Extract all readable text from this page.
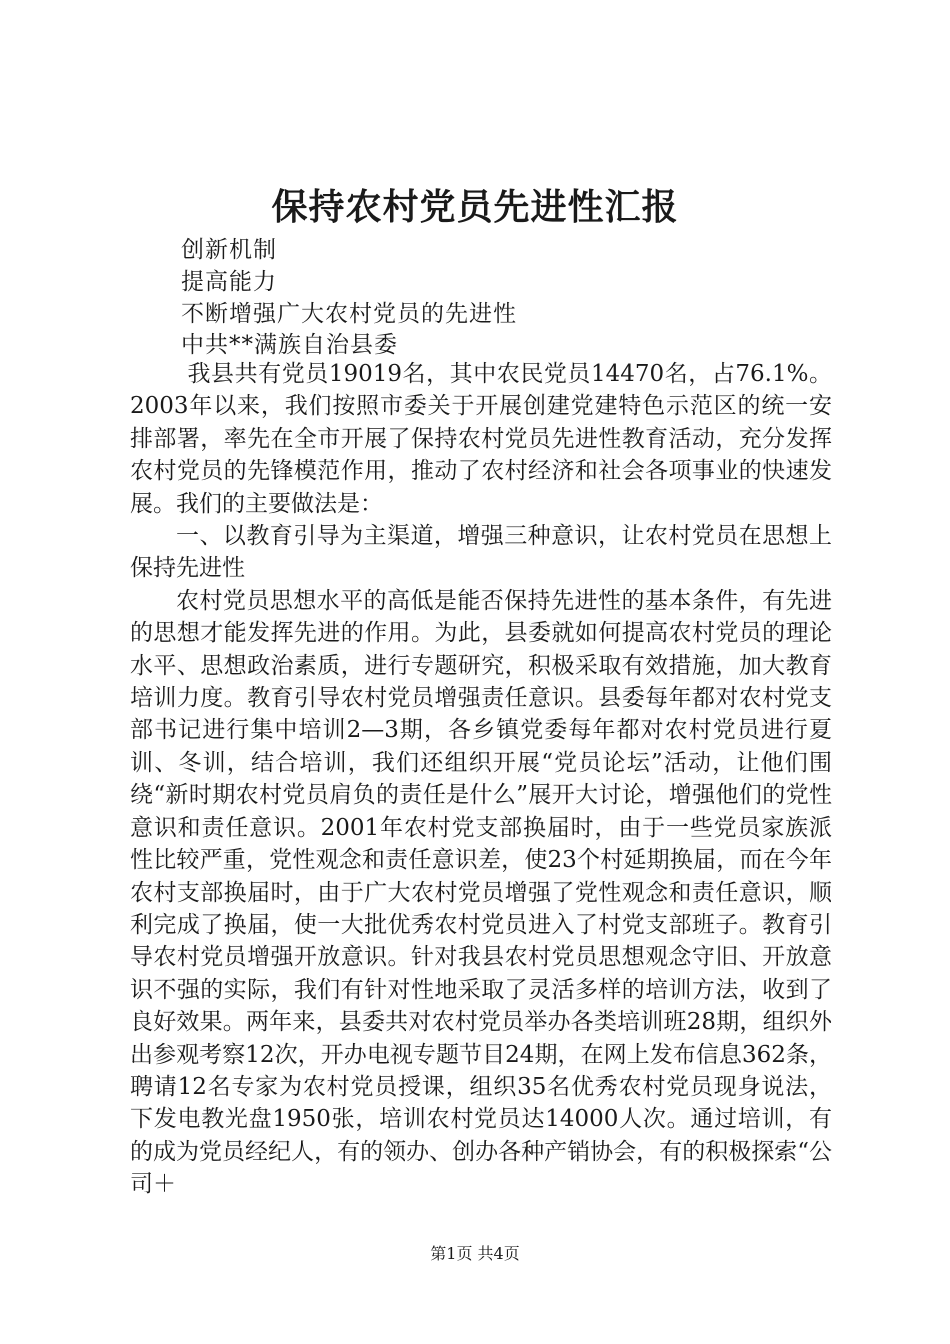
保持农村党员先进性汇报
创新机制
提高能力
不断增强广大农村党员的先进性
中共**满族自治县委

我县共有党员19019名，其中农民党员14470名，占76.1%。2003年以来，我们按照市委关于开展创建党建特色示范区的统一安排部署，率先在全市开展了保持农村党员先进性教育活动，充分发挥农村党员的先锋模范作用，推动了农村经济和社会各项事业的快速发展。我们的主要做法是：

一、以教育引导为主渠道，增强三种意识，让农村党员在思想上保持先进性

农村党员思想水平的高低是能否保持先进性的基本条件，有先进的思想才能发挥先进的作用。为此，县委就如何提高农村党员的理论水平、思想政治素质，进行专题研究，积极采取有效措施，加大教育培训力度。教育引导农村党员增强责任意识。县委每年都对农村党支部书记进行集中培训2—3期，各乡镇党委每年都对农村党员进行夏训、冬训，结合培训，我们还组织开展“党员论坛”活动，让他们围绕“新时期农村党员肩负的责任是什么”展开大讨论，增强他们的党性意识和责任意识。2001年农村党支部换届时，由于一些党员家族派性比较严重，党性观念和责任意识差，使23个村延期换届，而在今年农村支部换届时，由于广大农村党员增强了党性观念和责任意识，顺利完成了换届，使一大批优秀农村党员进入了村党支部班子。教育引导农村党员增强开放意识。针对我县农村党员思想观念守旧、开放意识不强的实际，我们有针对性地采取了灵活多样的培训方法，收到了良好效果。两年来，县委共对农村党员举办各类培训班28期，组织外出参观考察12次，开办电视专题节目24期，在网上发布信息362条，聘请12名专家为农村党员授课，组织35名优秀农村党员现身说法，下发电教光盘1950张，培训农村党员达14000人次。通过培训，有的成为党员经纪人，有的领办、创办各种产销协会，有的积极探索“公司＋

第1页 共4页
